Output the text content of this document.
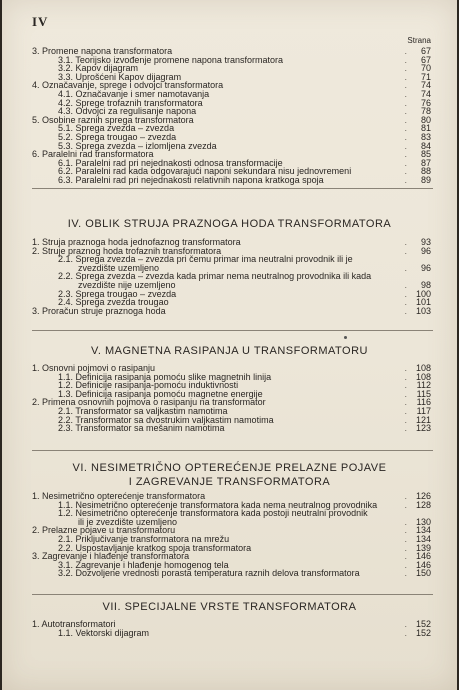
IV
Strana
3. Promene napona transformatora	. 67
3.1. Teorijsko izvođenje promene napona transformatora	. 67
3.2. Kapov dijagram	. 70
3.3. Uprošćeni Kapov dijagram	. 71
4. Označavanje, sprege i odvojci transformatora	. 74
4.1. Označavanje i smer namotavanja	. 74
4.2. Sprege trofaznih transformatora	. 76
4.3. Odvojci za regulisanje napona	. 78
5. Osobine raznih sprega transformatora	. 80
5.1. Sprega zvezda – zvezda	. 81
5.2. Sprega trougao – zvezda	. 83
5.3. Sprega zvezda – izlomljena zvezda	. 84
6. Paralelni rad transformatora	. 85
6.1. Paralelni rad pri nejednakosti odnosa transformacije	. 87
6.2. Paralelni rad kada odgovarajući naponi sekundara nisu jednovremeni	. 88
6.3. Paralelni rad pri nejednakosti relativnih napona kratkoga spoja	. 89
IV. OBLIK STRUJA PRAZNOGA HODA TRANSFORMATORA
1. Struja praznoga hoda jednofaznog transformatora	. 93
2. Struje praznog hoda trofaznih transformatora	. 96
2.1. Sprega zvezda – zvezda pri čemu primar ima neutralni provodnik ili je
zvezdište uzemljeno	. 96
2.2. Sprega zvezda – zvezda kada primar nema neutralnog provodnika ili kada
zvezdište nije uzemljeno	. 98
2.3. Sprega trougao – zvezda	. 100
2.4. Sprega zvezda trougao	. 101
3. Proračun struje praznoga hoda	. 103
V. MAGNETNA RASIPANJA U TRANSFORMATORU
1. Osnovni pojmovi o rasipanju	. 108
1.1. Definicija rasipanja pomoću slike magnetnih linija	. 108
1.2. Definicije rasipanja-pomoću induktivnosti	. 112
1.3. Definicija rasipanja pomoću magnetne energije	. 115
2. Primena osnovnih pojmova o rasipanju na transformator	. 116
2.1. Transformator sa valjkastim namotima	. 117
2.2. Transformator sa dvostrukim valjkastim namotima	. 121
2.3. Transformator sa mešanim namotima	. 123
VI. NESIMETRIČNO OPTEREĆENJE PRELAZNE POJAVE
I ZAGREVANJE TRANSFORMATORA
1. Nesimetrično opterećenje transformatora	. 126
1.1. Nesimetrično opterećenje transformatora kada nema neutralnog provodnika	. 128
1.2. Nesimetrično opterećenje transformatora kada postoji neutralni provodnik
ili je zvezdište uzemljeno	. 130
2. Prelazne pojave u transformatoru	. 134
2.1. Priključivanje transformatora na mrežu	. 134
2.2. Uspostavljanje kratkog spoja transformatora	. 139
3. Zagrevanje i hlađenje transformatora	. 146
3.1. Zagrevanje i hlađenje homogenog tela	. 146
3.2. Dozvoljene vrednosti porasta temperatura raznih delova transformatora	. 150
VII. SPECIJALNE VRSTE TRANSFORMATORA
1. Autotransformatori	. 152
1.1. Vektorski dijagram	. 152
